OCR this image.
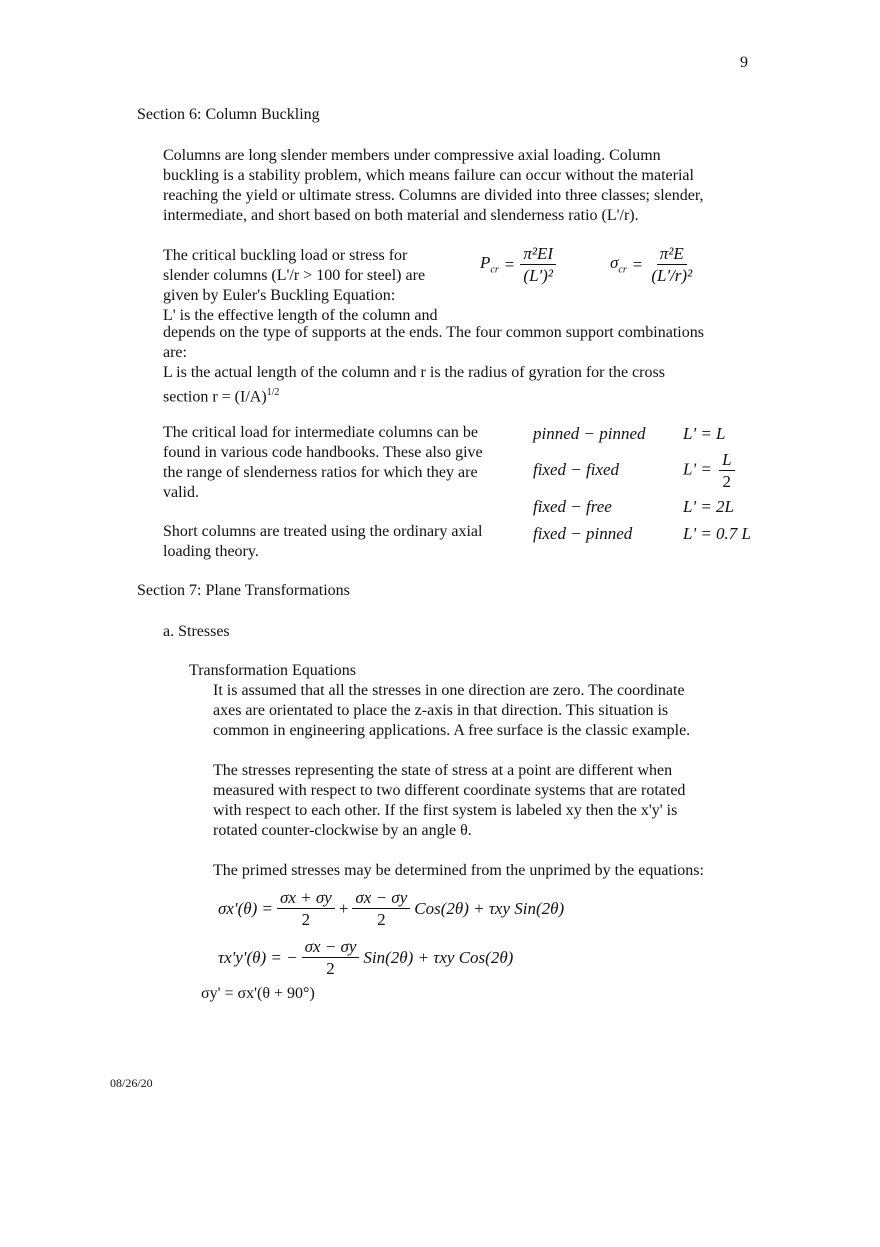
9
Section 6: Column Buckling
Columns are long slender members under compressive axial loading. Column
buckling is a stability problem, which means failure can occur without the material
reaching the yield or ultimate stress. Columns are divided into three classes; slender,
intermediate, and short based on both material and slenderness ratio (L'/r).
The critical buckling load or stress for
slender columns (L'/r > 100 for steel) are
given by Euler's Buckling Equation:
L' is the effective length of the column and
$P_{cr} = \frac{\text{π²EI}}{\text{(L')²}}$	$\sigma_{cr} = \frac{\text{π²E}}{\text{(L'/r)²}}$
depends on the type of supports at the ends. The four common support combinations
are:
L is the actual length of the column and r is the radius of gyration for the cross
section $r = (I/A)^{1/2}$
The critical load for intermediate columns can be
found in various code handbooks. These also give
the range of slenderness ratios for which they are
valid.
pinned − pinned	L' = L
fixed − fixed	$L' = \frac{L}{2}$
fixed − free	L' = 2L
fixed − pinned	L' = 0.7 L
Short columns are treated using the ordinary axial
loading theory.
Section 7: Plane Transformations
a. Stresses
Transformation Equations
It is assumed that all the stresses in one direction are zero. The coordinate
axes are orientated to place the z-axis in that direction. This situation is
common in engineering applications. A free surface is the classic example.
The stresses representing the state of stress at a point are different when
measured with respect to two different coordinate systems that are rotated
with respect to each other. If the first system is labeled xy then the x'y' is
rotated counter-clockwise by an angle θ.
The primed stresses may be determined from the unprimed by the equations:
$\sigma x'(\theta) = \frac{\sigma x + \sigma y}{2} + \frac{\sigma x - \sigma y}{2} Cos(2\theta) + \tau xy$ Sin(2θ)
τx'y'(θ) = − $\frac{\sigma x - \sigma y}{2} Sin(2\theta) + \tau xy$ Cos(2θ)
σy' = σx'(θ + 90°)
08/26/20
